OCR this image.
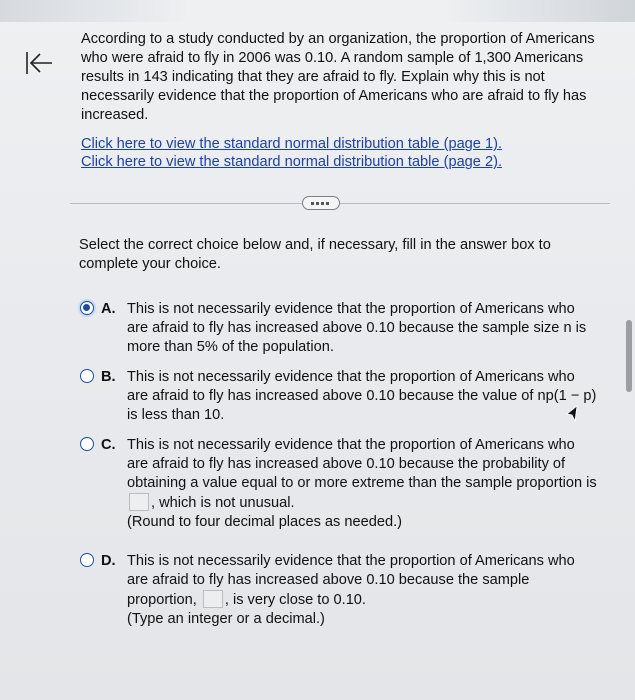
According to a study conducted by an organization, the proportion of Americans who were afraid to fly in 2006 was 0.10. A random sample of 1,300 Americans results in 143 indicating that they are afraid to fly. Explain why this is not necessarily evidence that the proportion of Americans who are afraid to fly has increased.
Click here to view the standard normal distribution table (page 1).
Click here to view the standard normal distribution table (page 2).
Select the correct choice below and, if necessary, fill in the answer box to complete your choice.
A. This is not necessarily evidence that the proportion of Americans who are afraid to fly has increased above 0.10 because the sample size n is more than 5% of the population.
B. This is not necessarily evidence that the proportion of Americans who are afraid to fly has increased above 0.10 because the value of np(1 − p) is less than 10.
C. This is not necessarily evidence that the proportion of Americans who are afraid to fly has increased above 0.10 because the probability of obtaining a value equal to or more extreme than the sample proportion is , which is not unusual.
(Round to four decimal places as needed.)
D. This is not necessarily evidence that the proportion of Americans who are afraid to fly has increased above 0.10 because the sample proportion, , is very close to 0.10.
(Type an integer or a decimal.)
